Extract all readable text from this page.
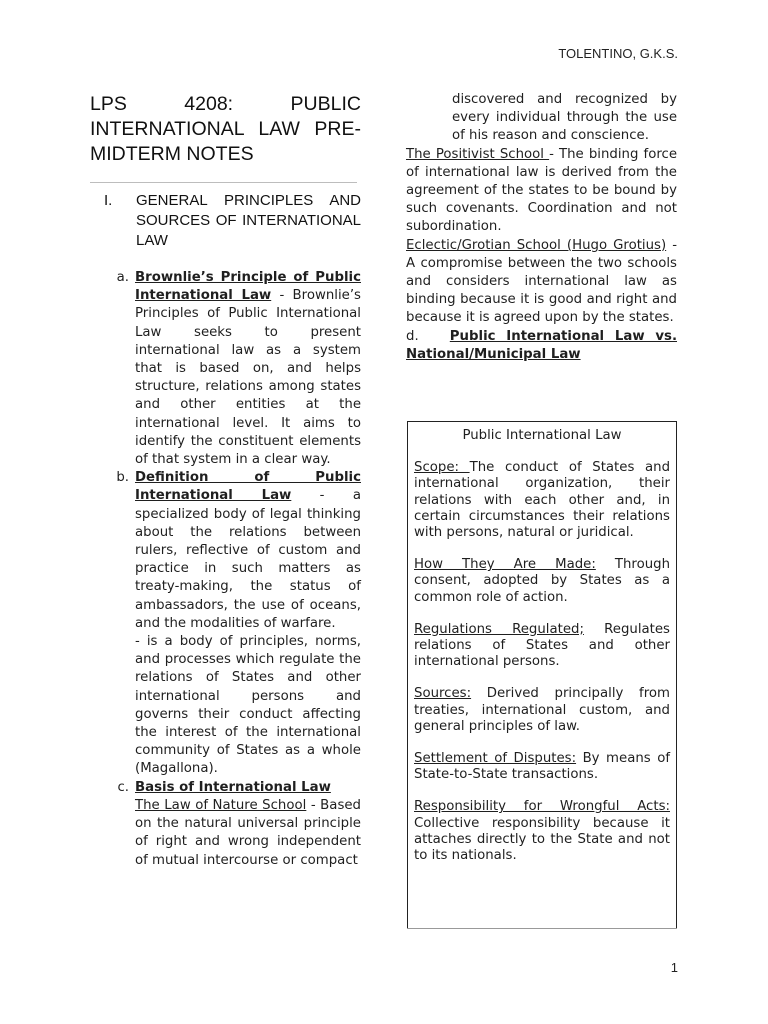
TOLENTINO, G.K.S.
LPS 4208: PUBLIC INTERNATIONAL LAW PRE-MIDTERM NOTES
I. GENERAL PRINCIPLES AND SOURCES OF INTERNATIONAL LAW
a. Brownlie’s Principle of Public International Law - Brownlie’s Principles of Public International Law seeks to present international law as a system that is based on, and helps structure, relations among states and other entities at the international level. It aims to identify the constituent elements of that system in a clear way.

b. Definition of Public International Law - a specialized body of legal thinking about the relations between rulers, reflective of custom and practice in such matters as treaty-making, the status of ambassadors, the use of oceans, and the modalities of warfare.

- is a body of principles, norms, and processes which regulate the relations of States and other international persons and governs their conduct affecting the interest of the international community of States as a whole (Magallona).

c. Basis of International Law

The Law of Nature School - Based on the natural universal principle of right and wrong independent of mutual intercourse or compact

discovered and recognized by every individual through the use of his reason and conscience.

The Positivist School - The binding force of international law is derived from the agreement of the states to be bound by such covenants. Coordination and not subordination.

Eclectic/Grotian School (Hugo Grotius) - A compromise between the two schools and considers international law as binding because it is good and right and because it is agreed upon by the states.

d. Public International Law vs. National/Municipal Law

Public International Law

Scope: The conduct of States and international organization, their relations with each other and, in certain circumstances their relations with persons, natural or juridical.

How They Are Made: Through consent, adopted by States as a common role of action.

Regulations Regulated; Regulates relations of States and other international persons.

Sources: Derived principally from treaties, international custom, and general principles of law.

Settlement of Disputes: By means of State-to-State transactions.

Responsibility for Wrongful Acts: Collective responsibility because it attaches directly to the State and not to its nationals.

1
